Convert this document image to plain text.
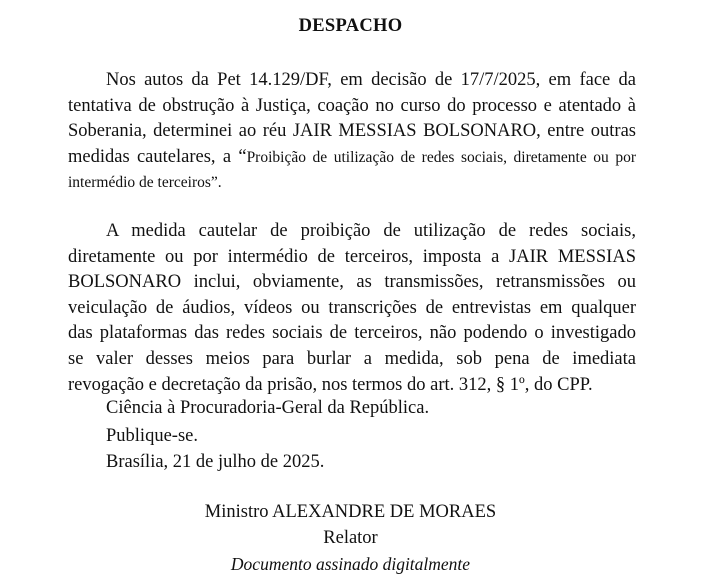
DESPACHO
Nos autos da Pet 14.129/DF, em decisão de 17/7/2025, em face da
tentativa de obstrução à Justiça, coação no curso do processo e atentado à
Soberania, determinei ao réu JAIR MESSIAS BOLSONARO, entre outras
medidas cautelares, a “Proibição de utilização de redes sociais, diretamente ou por
intermédio de terceiros”.
A medida cautelar de proibição de utilização de redes sociais,
diretamente ou por intermédio de terceiros, imposta a JAIR MESSIAS
BOLSONARO inclui, obviamente, as transmissões, retransmissões ou
veiculação de áudios, vídeos ou transcrições de entrevistas em qualquer
das plataformas das redes sociais de terceiros, não podendo o investigado
se valer desses meios para burlar a medida, sob pena de imediata
revogação e decretação da prisão, nos termos do art. 312, § 1º, do CPP.
Ciência à Procuradoria-Geral da República.
Publique-se.
Brasília, 21 de julho de 2025.
Ministro ALEXANDRE DE MORAES
Relator
Documento assinado digitalmente
